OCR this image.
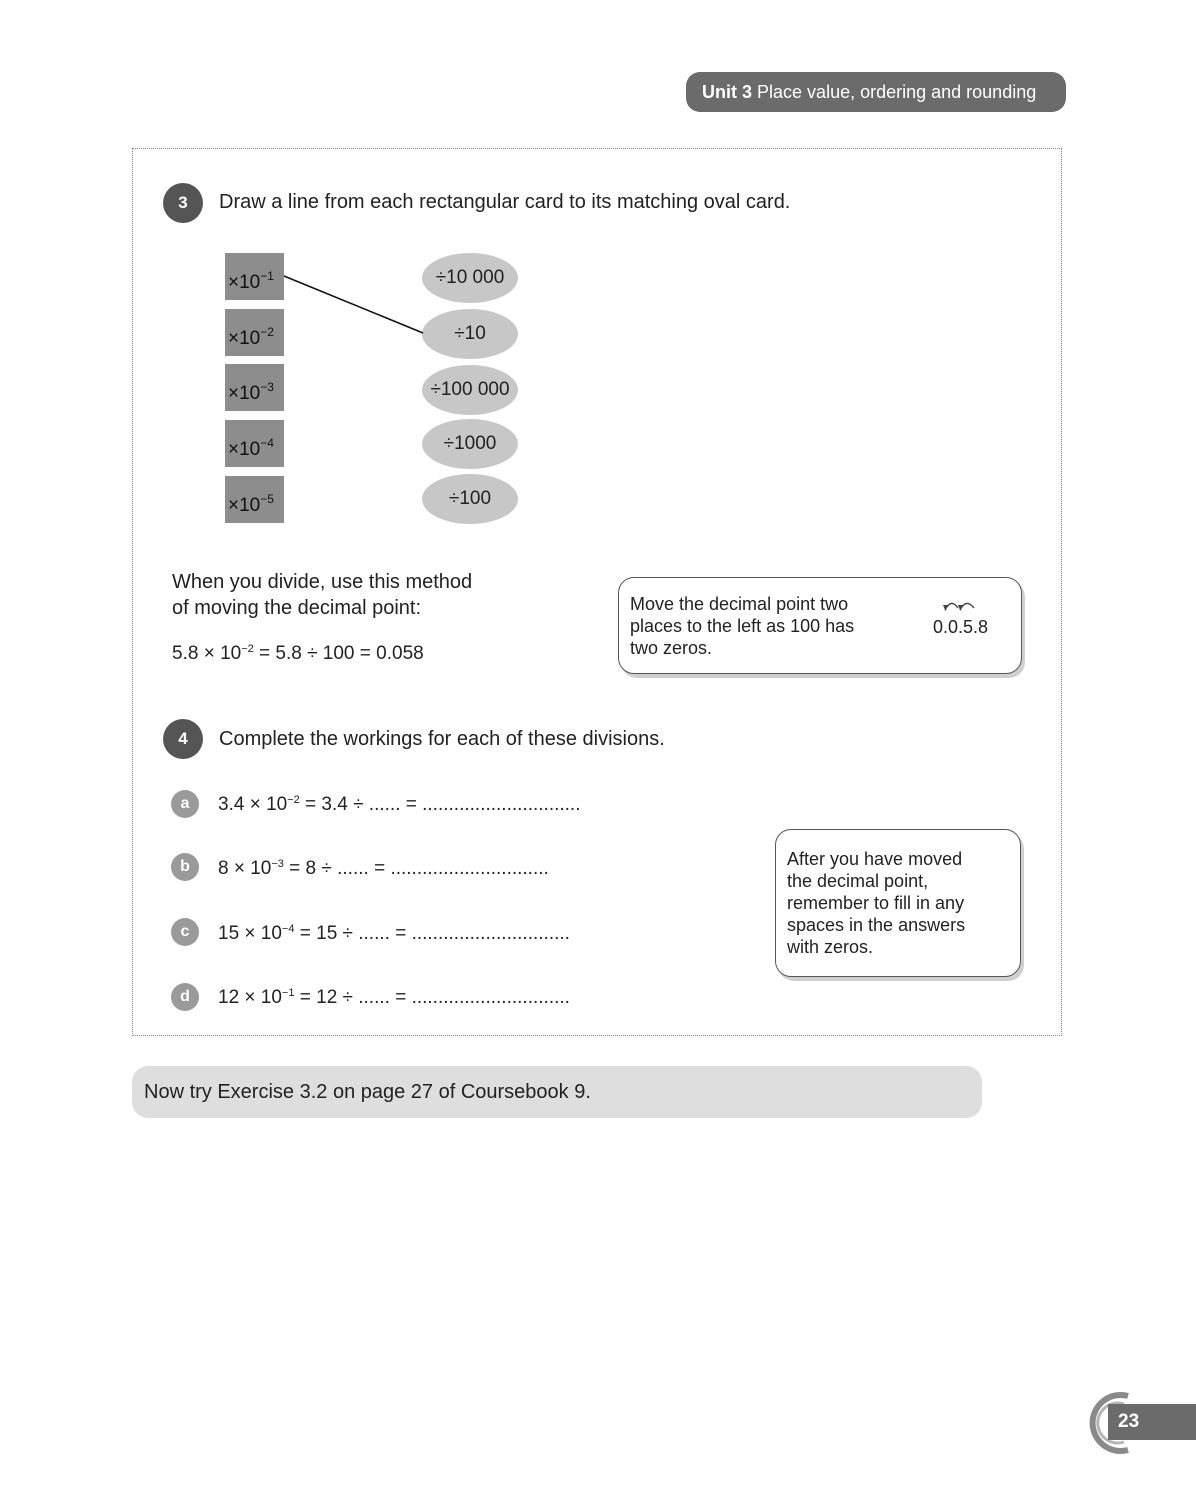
Unit 3 Place value, ordering and rounding
3	Draw a line from each rectangular card to its matching oval card.
$\times 10^{-1}$
$\times 10^{-2}$
$\times 10^{-3}$
$\times 10^{-4}$
$\times 10^{-5}$
÷10 000
÷10
÷100 000
÷1000
÷100
When you divide, use this method
of moving the decimal point:
$5.8 \times 10^{-2} = 5.8 \div 100 = 0.058$
Move the decimal point two
places to the left as 100 has
two zeros.
0.0.5.8
4	Complete the workings for each of these divisions.
a	$3.4 \times 10^{-2} = 3.4$ ÷ ...... = ..............................
b	$8 \times 10^{-3} = 8$ ÷ ...... = ..............................
c	$15 \times 10^{-4} = 15$ ÷ ...... = ..............................
d	$12 \times 10^{-1} = 12$ ÷ ...... = ..............................
After you have moved
the decimal point,
remember to fill in any
spaces in the answers
with zeros.
Now try Exercise 3.2 on page 27 of Coursebook 9.
23
